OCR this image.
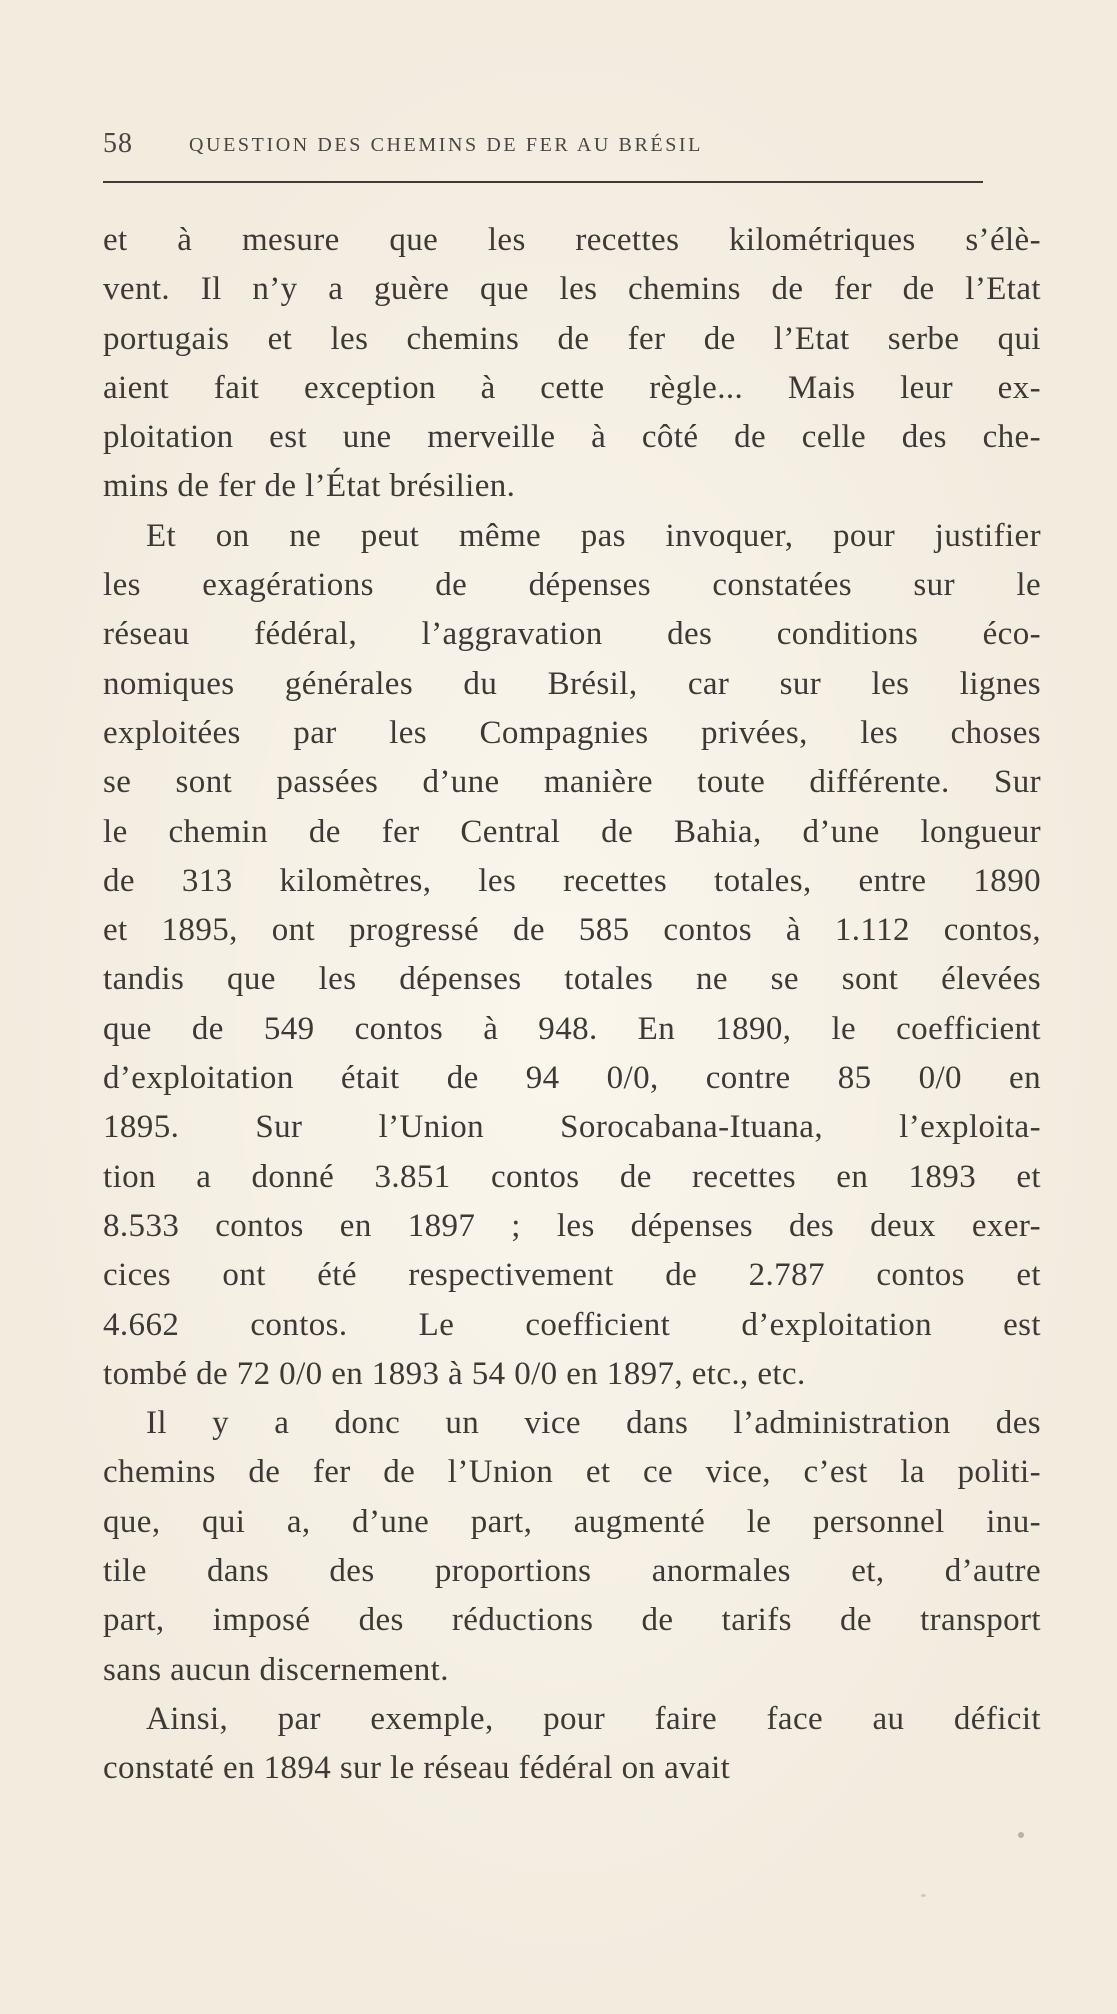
58	QUESTION DES CHEMINS DE FER AU BRÉSIL
et à mesure que les recettes kilométriques s’élè-
vent. Il n’y a guère que les chemins de fer de l’Etat
portugais et les chemins de fer de l’Etat serbe qui
aient fait exception à cette règle... Mais leur ex-
ploitation est une merveille à côté de celle des che-
mins de fer de l’État brésilien.
Et on ne peut même pas invoquer, pour justifier
les exagérations de dépenses constatées sur le
réseau fédéral, l’aggravation des conditions éco-
nomiques générales du Brésil, car sur les lignes
exploitées par les Compagnies privées, les choses
se sont passées d’une manière toute différente. Sur
le chemin de fer Central de Bahia, d’une longueur
de 313 kilomètres, les recettes totales, entre 1890
et 1895, ont progressé de 585 contos à 1.112 contos,
tandis que les dépenses totales ne se sont élevées
que de 549 contos à 948. En 1890, le coefficient
d’exploitation était de 94 0/0, contre 85 0/0 en
1895. Sur l’Union Sorocabana-Ituana, l’exploita-
tion a donné 3.851 contos de recettes en 1893 et
8.533 contos en 1897 ; les dépenses des deux exer-
cices ont été respectivement de 2.787 contos et
4.662 contos. Le coefficient d’exploitation est
tombé de 72 0/0 en 1893 à 54 0/0 en 1897, etc., etc.
Il y a donc un vice dans l’administration des
chemins de fer de l’Union et ce vice, c’est la politi-
que, qui a, d’une part, augmenté le personnel inu-
tile dans des proportions anormales et, d’autre
part, imposé des réductions de tarifs de transport
sans aucun discernement.
Ainsi, par exemple, pour faire face au déficit
constaté en 1894 sur le réseau fédéral on avait
